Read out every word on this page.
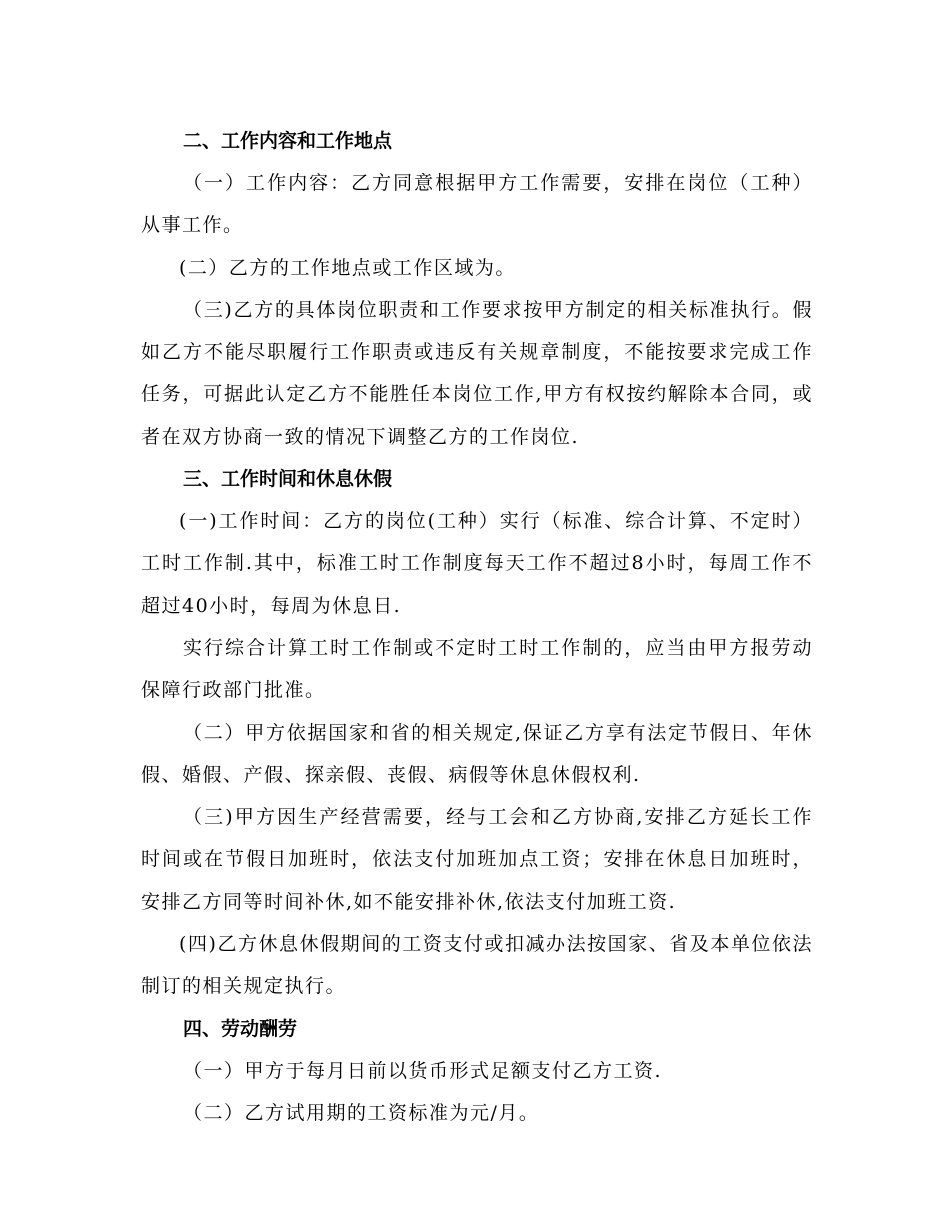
二、工作内容和工作地点
（一）工作内容：乙方同意根据甲方工作需要，安排在岗位（工种）从事工作。
(二）乙方的工作地点或工作区域为。
（三)乙方的具体岗位职责和工作要求按甲方制定的相关标准执行。假如乙方不能尽职履行工作职责或违反有关规章制度，不能按要求完成工作任务，可据此认定乙方不能胜任本岗位工作,甲方有权按约解除本合同，或者在双方协商一致的情况下调整乙方的工作岗位.
三、工作时间和休息休假
(一)工作时间：乙方的岗位(工种）实行（标准、综合计算、不定时）工时工作制.其中，标准工时工作制度每天工作不超过8小时，每周工作不超过40小时，每周为休息日.
实行综合计算工时工作制或不定时工时工作制的，应当由甲方报劳动保障行政部门批准。
（二）甲方依据国家和省的相关规定,保证乙方享有法定节假日、年休假、婚假、产假、探亲假、丧假、病假等休息休假权利.
（三)甲方因生产经营需要，经与工会和乙方协商,安排乙方延长工作时间或在节假日加班时，依法支付加班加点工资；安排在休息日加班时，安排乙方同等时间补休,如不能安排补休,依法支付加班工资.
(四)乙方休息休假期间的工资支付或扣减办法按国家、省及本单位依法制订的相关规定执行。
四、劳动酬劳
（一）甲方于每月日前以货币形式足额支付乙方工资.
（二）乙方试用期的工资标准为元/月。
